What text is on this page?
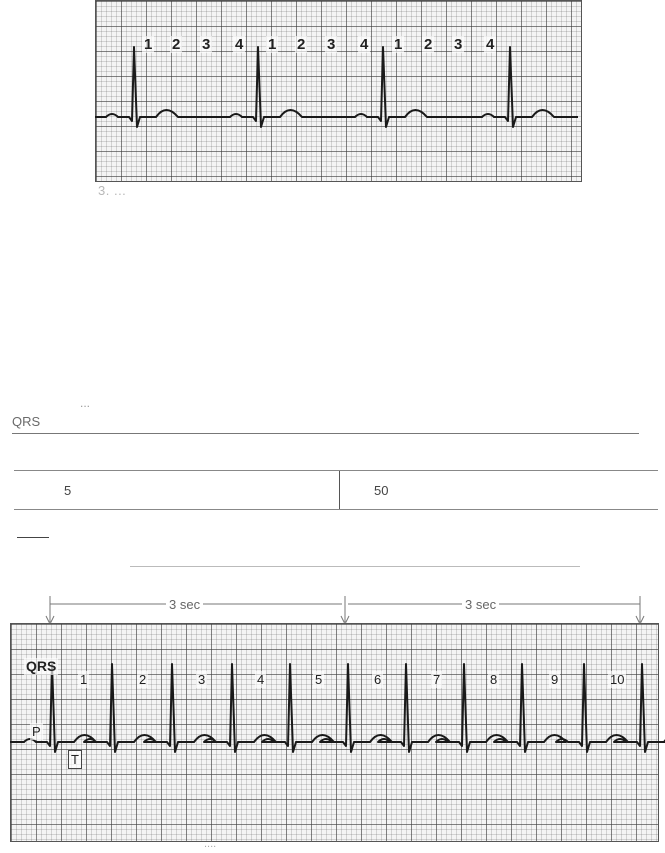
1 2 3 4 1 2 3 4 1 2 3 4
3. ...
...
QRS
5	50
3 sec	3 sec
1	2	3	4	5	6	7	8	9	10
QRS
P
T
....
